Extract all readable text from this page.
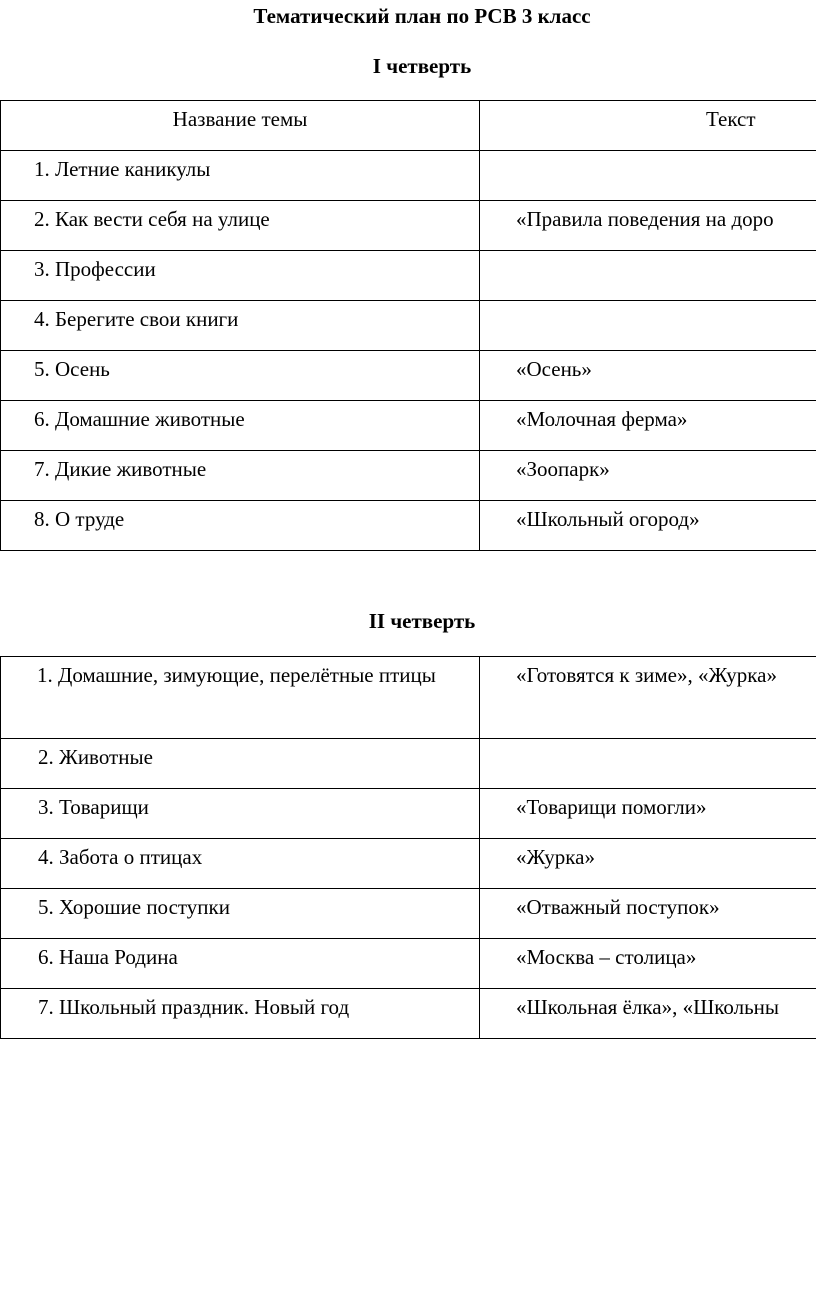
Тематический план по РСВ 3 класс
I четверть
Название темы	Текст

1. Летние каникулы	

2. Как вести себя на улице	«Правила поведения на доро

3. Профессии	

4. Берегите свои книги	

5. Осень	«Осень»

6. Домашние животные	«Молочная ферма»

7. Дикие животные	«Зоопарк»

8. О труде	«Школьный огород»
II четверть
1. Домашние, зимующие, перелётные птицы	«Готовятся к зиме», «Журка»

2. Животные	

3. Товарищи	«Товарищи помогли»

4. Забота о птицах	«Журка»

5. Хорошие поступки	«Отважный поступок»

6. Наша Родина	«Москва – столица»

7. Школьный праздник. Новый год	«Школьная ёлка», «Школьны
